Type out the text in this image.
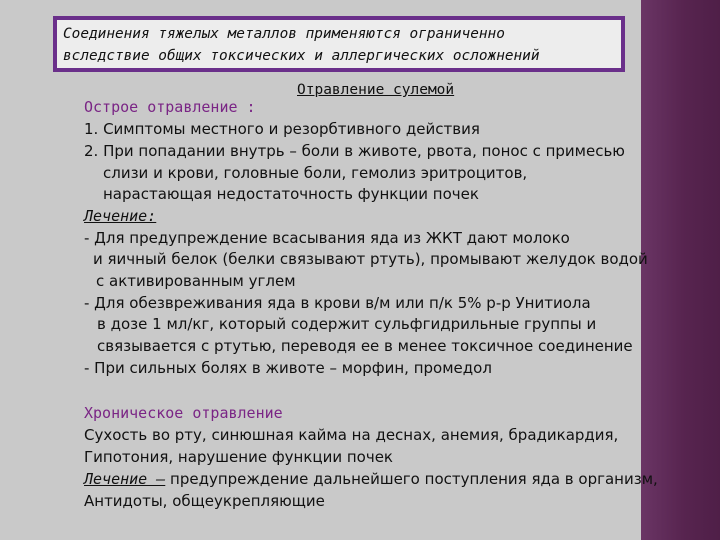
Соединения тяжелых металлов применяются ограниченно
вследствие общих токсических и аллергических осложнений
Отравление сулемой
Острое отравление :
1. Симптомы местного и резорбтивного действия
2. При попадании внутрь – боли в животе, рвота, понос с примесью
слизи и крови, головные боли, гемолиз эритроцитов,
нарастающая недостаточность функции почек
Лечение:
- Для предупреждение всасывания яда из ЖКТ дают молоко
и яичный белок (белки связывают ртуть), промывают желудок водой
с активированным углем
- Для обезвреживания яда в крови в/м или п/к 5% р-р Унитиола
в дозе 1 мл/кг, который содержит сульфгидрильные группы и
связывается с ртутью, переводя ее в менее токсичное соединение
- При сильных болях в животе – морфин, промедол
Хроническое отравление
Сухость во рту, синюшная кайма на деснах, анемия, брадикардия,
Гипотония, нарушение функции почек
Лечение – предупреждение дальнейшего поступления яда в организм,
Антидоты, общеукрепляющие
